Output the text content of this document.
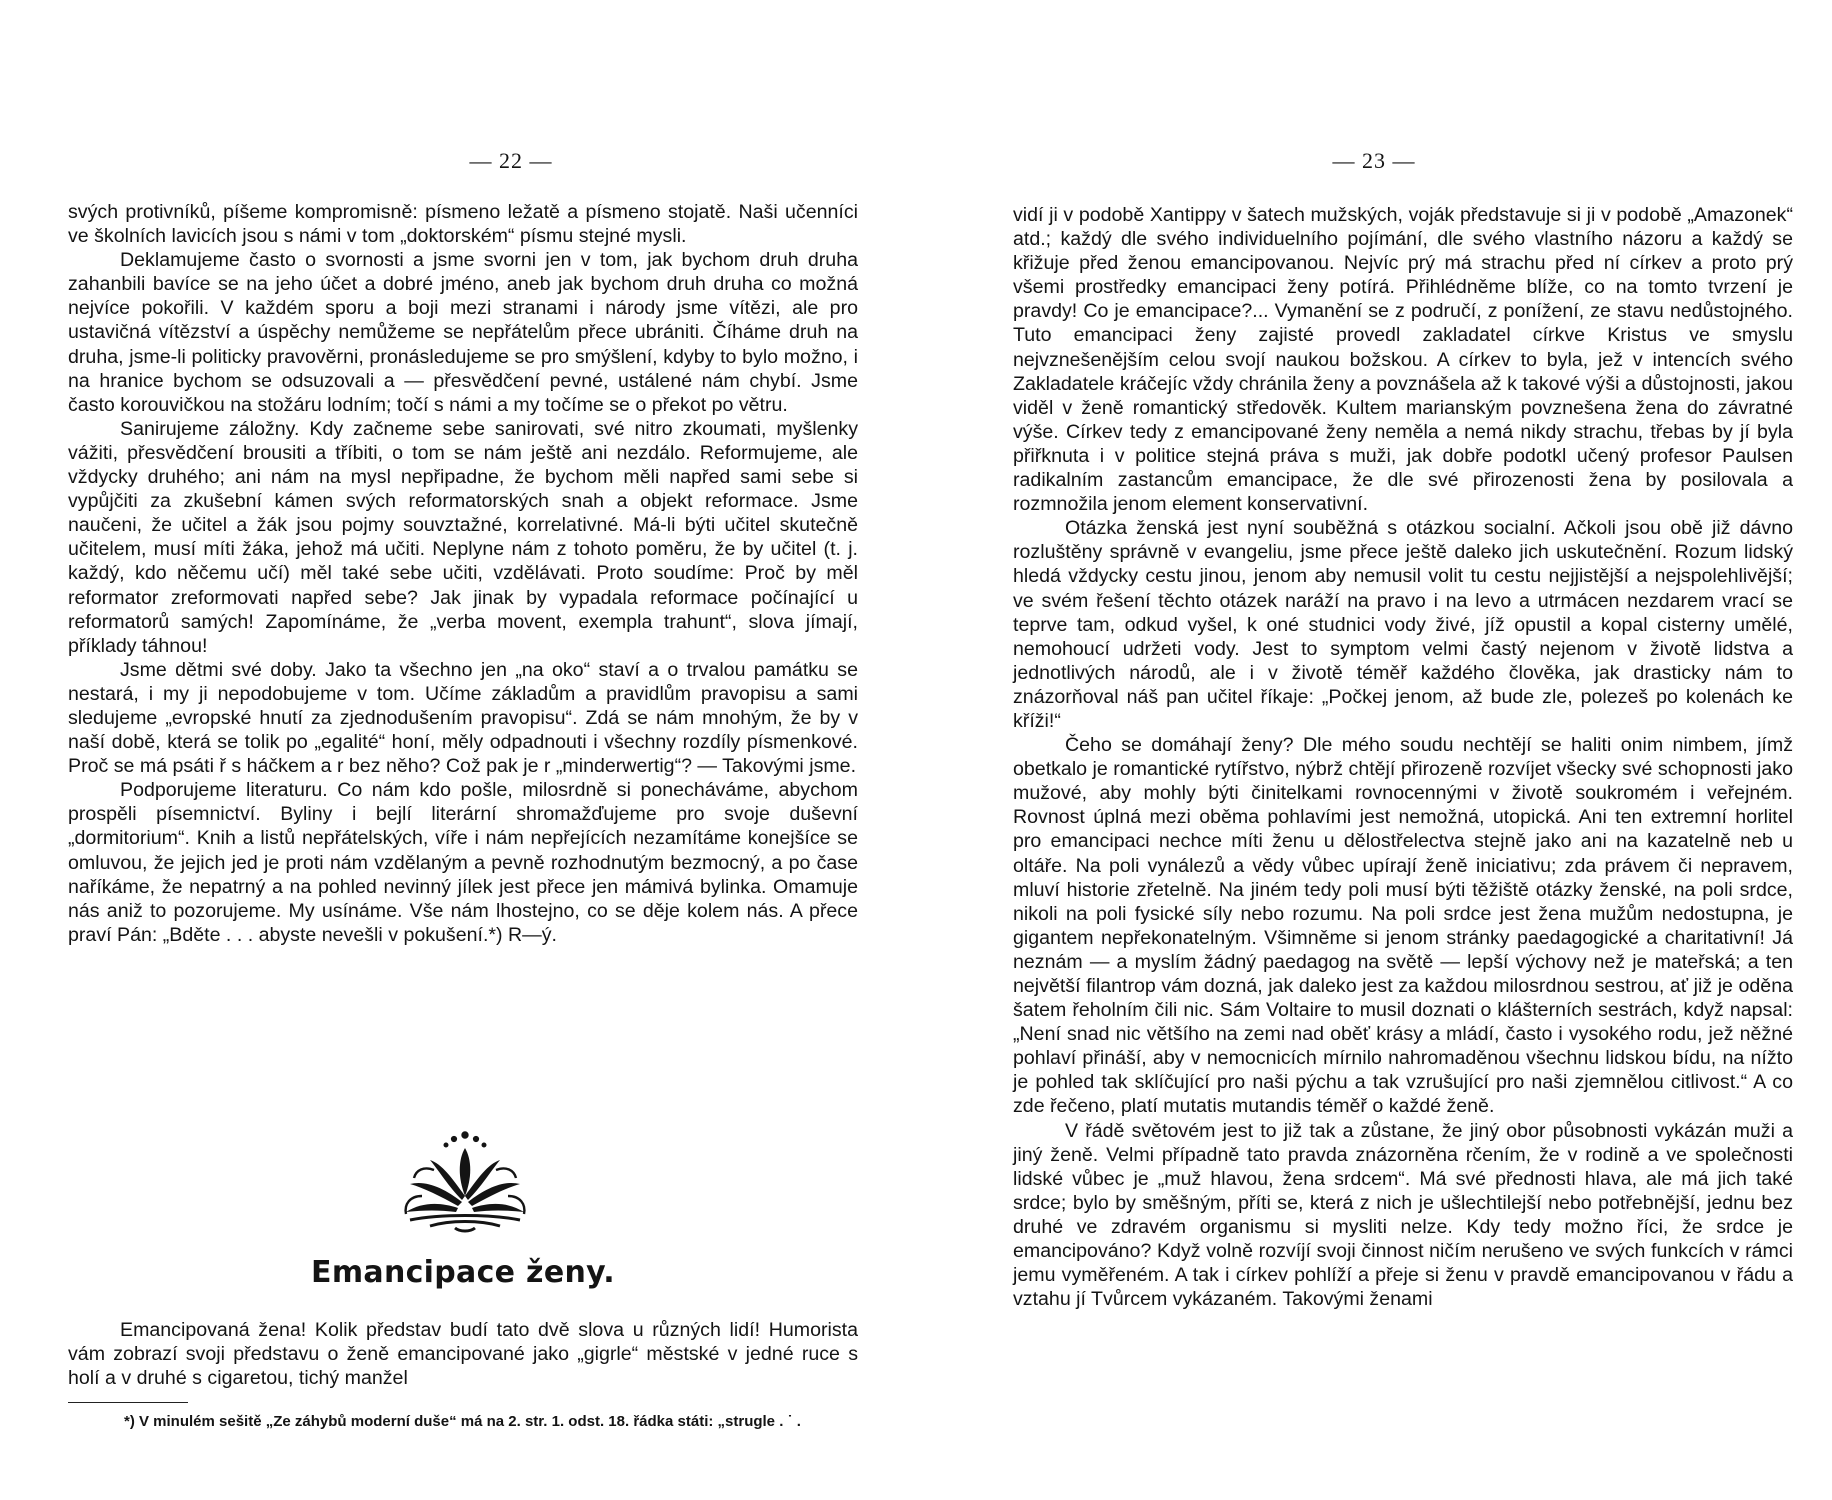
— 22 —

svých protivníků, píšeme kompromisně: písmeno ležatě a písmeno stojatě. Naši učenníci ve školních lavicích jsou s námi v tom „doktorském“ písmu stejné mysli.

Deklamujeme často o svornosti a jsme svorni jen v tom, jak bychom druh druha zahanbili bavíce se na jeho účet a dobré jméno, aneb jak bychom druh druha co možná nejvíce pokořili. V každém sporu a boji mezi stranami i národy jsme vítězi, ale pro ustavičná vítězství a úspěchy nemůžeme se nepřátelům přece ubrániti. Číháme druh na druha, jsme-li politicky pravověrni, pronásledujeme se pro smýšlení, kdyby to bylo možno, i na hranice bychom se odsuzovali a — přesvědčení pevné, ustálené nám chybí. Jsme často korouvičkou na stožáru lodním; točí s námi a my točíme se o překot po větru.

Sanirujeme záložny. Kdy začneme sebe sanirovati, své nitro zkoumati, myšlenky vážiti, přesvědčení brousiti a tříbiti, o tom se nám ještě ani nezdálo. Reformujeme, ale vždycky druhého; ani nám na mysl nepřipadne, že bychom měli napřed sami sebe si vypůjčiti za zkušební kámen svých reformatorských snah a objekt reformace. Jsme naučeni, že učitel a žák jsou pojmy souvztažné, korrelativné. Má-li býti učitel skutečně učitelem, musí míti žáka, jehož má učiti. Neplyne nám z tohoto poměru, že by učitel (t. j. každý, kdo něčemu učí) měl také sebe učiti, vzdělávati. Proto soudíme: Proč by měl reformator zreformovati napřed sebe? Jak jinak by vypadala reformace počínající u reformatorů samých! Zapomínáme, že „verba movent, exempla trahunt“, slova jímají, příklady táhnou!

Jsme dětmi své doby. Jako ta všechno jen „na oko“ staví a o trvalou památku se nestará, i my ji nepodobujeme v tom. Učíme základům a pravidlům pravopisu a sami sledujeme „evropské hnutí za zjednodušením pravopisu“. Zdá se nám mnohým, že by v naší době, která se tolik po „egalité“ honí, měly odpadnouti i všechny rozdíly písmenkové. Proč se má psáti ř s háčkem a r bez něho? Což pak je r „minderwertig“? — Takovými jsme.

Podporujeme literaturu. Co nám kdo pošle, milosrdně si ponecháváme, abychom prospěli písemnictví. Byliny i bejlí literární shromažďujeme pro svoje duševní „dormitorium“. Knih a listů nepřátelských, víře i nám nepřejících nezamítáme konejšíce se omluvou, že jejich jed je proti nám vzdělaným a pevně rozhodnutým bezmocný, a po čase naříkáme, že nepatrný a na pohled nevinný jílek jest přece jen mámivá bylinka. Omamuje nás aniž to pozorujeme. My usínáme. Vše nám lhostejno, co se děje kolem nás. A přece praví Pán: „Bděte . . . abyste nevešli v pokušení.*) R—ý.

Emancipace ženy.

Emancipovaná žena! Kolik představ budí tato dvě slova u různých lidí! Humorista vám zobrazí svoji představu o ženě emancipované jako „gigrle“ městské v jedné ruce s holí a v druhé s cigaretou, tichý manžel

*) V minulém sešitě „Ze záhybů moderní duše“ má na 2. str. 1. odst. 18. řádka státi: „strugle . ˙ .
— 23 —

vidí ji v podobě Xantippy v šatech mužských, voják představuje si ji v podobě „Amazonek“ atd.; každý dle svého individuelního pojímání, dle svého vlastního názoru a každý se křižuje před ženou emancipovanou. Nejvíc prý má strachu před ní církev a proto prý všemi prostředky emancipaci ženy potírá. Přihlédněme blíže, co na tomto tvrzení je pravdy! Co je emancipace?... Vymanění se z područí, z ponížení, ze stavu nedůstojného. Tuto emancipaci ženy zajisté provedl zakladatel církve Kristus ve smyslu nejvznešenějším celou svojí naukou božskou. A církev to byla, jež v intencích svého Zakladatele kráčejíc vždy chránila ženy a povznášela až k takové výši a důstojnosti, jakou viděl v ženě romantický středověk. Kultem marianským povznešena žena do závratné výše. Církev tedy z emancipované ženy neměla a nemá nikdy strachu, třebas by jí byla přiřknuta i v politice stejná práva s muži, jak dobře podotkl učený profesor Paulsen radikalním zastancům emancipace, že dle své přirozenosti žena by posilovala a rozmnožila jenom element konservativní.

Otázka ženská jest nyní souběžná s otázkou socialní. Ačkoli jsou obě již dávno rozluštěny správně v evangeliu, jsme přece ještě daleko jich uskutečnění. Rozum lidský hledá vždycky cestu jinou, jenom aby nemusil volit tu cestu nejjistější a nejspolehlivější; ve svém řešení těchto otázek naráží na pravo i na levo a utrmácen nezdarem vrací se teprve tam, odkud vyšel, k oné studnici vody živé, jíž opustil a kopal cisterny umělé, nemohoucí udržeti vody. Jest to symptom velmi častý nejenom v životě lidstva a jednotlivých národů, ale i v životě téměř každého člověka, jak drasticky nám to znázorňoval náš pan učitel říkaje: „Počkej jenom, až bude zle, polezeš po kolenách ke kříži!“

Čeho se domáhají ženy? Dle mého soudu nechtějí se haliti onim nimbem, jímž obetkalo je romantické rytířstvo, nýbrž chtějí přirozeně rozvíjet všecky své schopnosti jako mužové, aby mohly býti činitelkami rovnocennými v životě soukromém i veřejném. Rovnost úplná mezi oběma pohlavími jest nemožná, utopická. Ani ten extremní horlitel pro emancipaci nechce míti ženu u dělostřelectva stejně jako ani na kazatelně neb u oltáře. Na poli vynálezů a vědy vůbec upírají ženě iniciativu; zda právem či nepravem, mluví historie zřetelně. Na jiném tedy poli musí býti těžiště otázky ženské, na poli srdce, nikoli na poli fysické síly nebo rozumu. Na poli srdce jest žena mužům nedostupna, je gigantem nepřekonatelným. Všimněme si jenom stránky paedagogické a charitativní! Já neznám — a myslím žádný paedagog na světě — lepší výchovy než je mateřská; a ten největší filantrop vám dozná, jak daleko jest za každou milosrdnou sestrou, ať již je oděna šatem řeholním čili nic. Sám Voltaire to musil doznati o klášterních sestrách, když napsal: „Není snad nic většího na zemi nad oběť krásy a mládí, často i vysokého rodu, jež něžné pohlaví přináší, aby v nemocnicích mírnilo nahromaděnou všechnu lidskou bídu, na nížto je pohled tak sklíčující pro naši pýchu a tak vzrušující pro naši zjemnělou citlivost.“ A co zde řečeno, platí mutatis mutandis téměř o každé ženě.

V řádě světovém jest to již tak a zůstane, že jiný obor působnosti vykázán muži a jiný ženě. Velmi případně tato pravda znázorněna rčením, že v rodině a ve společnosti lidské vůbec je „muž hlavou, žena srdcem“. Má své přednosti hlava, ale má jich také srdce; bylo by směšným, příti se, která z nich je ušlechtilejší nebo potřebnější, jednu bez druhé ve zdravém organismu si mysliti nelze. Kdy tedy možno říci, že srdce je emancipováno? Když volně rozvíjí svoji činnost ničím nerušeno ve svých funkcích v rámci jemu vyměřeném. A tak i církev pohlíží a přeje si ženu v pravdě emancipovanou v řádu a vztahu jí Tvůrcem vykázaném. Takovými ženami
